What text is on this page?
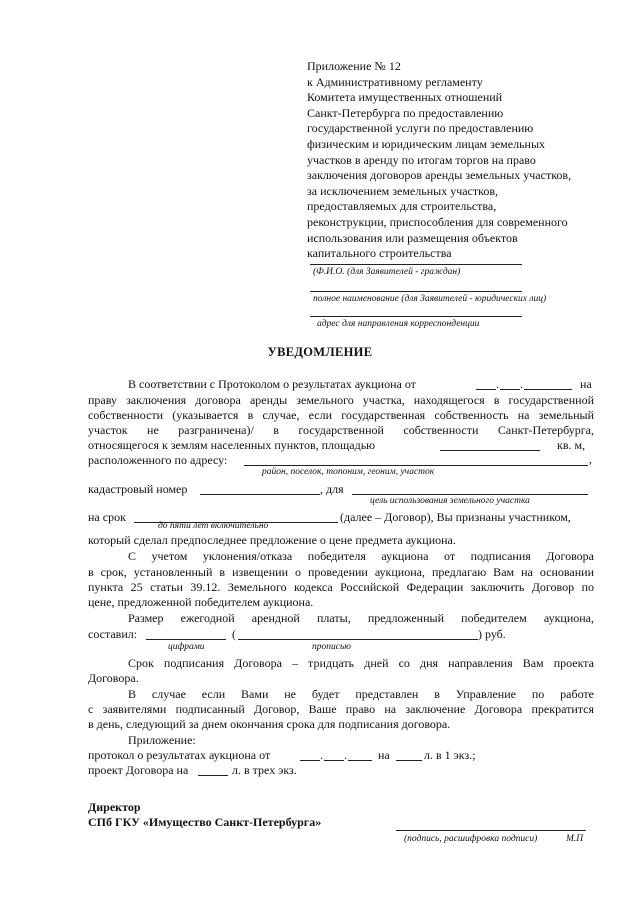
Приложение № 12
к Административному регламенту
Комитета имущественных отношений
Санкт-Петербурга по предоставлению
государственной услуги по предоставлению
физическим и юридическим лицам земельных
участков в аренду по итогам торгов на право
заключения договоров аренды земельных участков,
за исключением земельных участков,
предоставляемых для строительства,
реконструкции, приспособления для современного
использования или размещения объектов
капитального строительства
(Ф.И.О. (для Заявителей - граждан)
полное наименование (для Заявителей - юридических лиц)
адрес для направления корреспонденции
УВЕДОМЛЕНИЕ
В соответствии с Протоколом о результатах аукциона от	. .	на
праву заключения договора аренды земельного участка, находящегося в государственной
собственности (указывается в случае, если государственная собственность на земельный
участок не разграничена)/ в государственной собственности Санкт-Петербурга,
относящегося к землям населенных пунктов, площадью	кв. м,
расположенного по адресу:	,
район, поселок, топоним, геоним, участок
кадастровый номер	, для
цель использования земельного участка
на срок	(далее – Договор), Вы признаны участником,
до пяти лет включительно
который сделал предпоследнее предложение о цене предмета аукциона.
С учетом уклонения/отказа победителя аукциона от подписания Договора
в срок, установленный в извещении о проведении аукциона, предлагаю Вам на основании
пункта 25 статьи 39.12. Земельного кодекса Российской Федерации заключить Договор по
цене, предложенной победителем аукциона.
Размер ежегодной арендной платы, предложенный победителем аукциона,
составил:	(	) руб.
цифрами	прописью
Срок подписания Договора – тридцать дней со дня направления Вам проекта
Договора.
В случае если Вами не будет представлен в Управление по работе
с заявителями подписанный Договор, Ваше право на заключение Договора прекратится
в день, следующий за днем окончания срока для подписания договора.
Приложение:
протокол о результатах аукциона от	. .	на	л. в 1 экз.;
проект Договора на	л. в трех экз.
Директор
СПб ГКУ «Имущество Санкт-Петербурга»
(подпись, расшифровка подписи)	М.П
